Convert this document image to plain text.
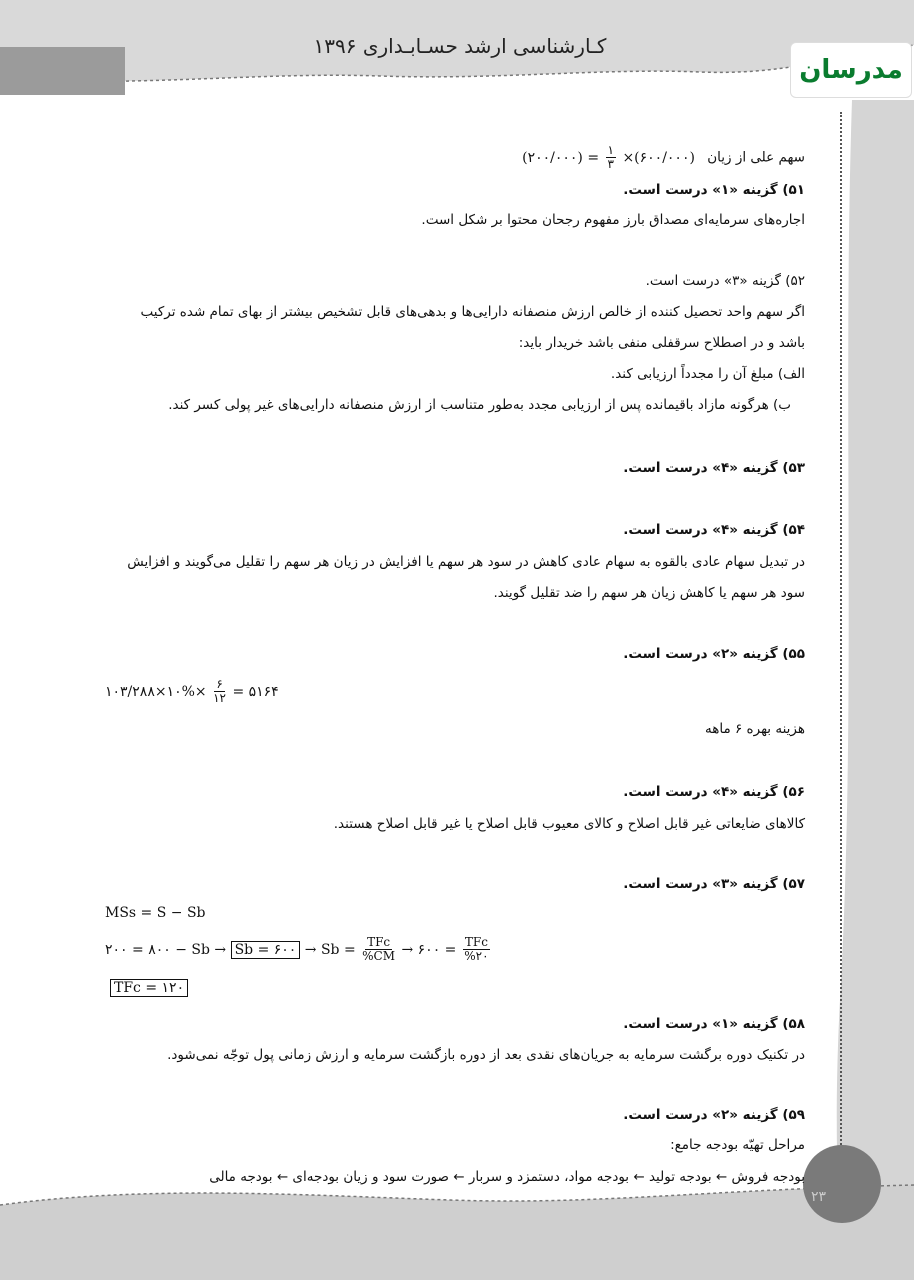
کـارشناسی ارشد حسـابـداری ۱۳۹۶
مدرسان
۲۳
سهم علی از زیان (۶۰۰/۰۰۰)×
$\frac{۱}{۳}$
= (۲۰۰/۰۰۰)
۵۱) گزینه «۱» درست است.
اجاره‌های سرمایه‌ای مصداق بارز مفهوم رجحان محتوا بر شکل است.
۵۲) گزینه «۳» درست است.
اگر سهم واحد تحصیل کننده از خالص ارزش منصفانه دارایی‌ها و بدهی‌های قابل تشخیص بیشتر از بهای تمام شده ترکیب
باشد و در اصطلاح سرقفلی منفی باشد خریدار باید:
الف) مبلغ آن را مجدداً ارزیابی کند.
ب) هرگونه مازاد باقیمانده پس از ارزیابی مجدد به‌طور متناسب از ارزش منصفانه دارایی‌های غیر پولی کسر کند.
۵۳) گزینه «۴» درست است.
۵۴) گزینه «۴» درست است.
در تبدیل سهام عادی بالقوه به سهام عادی کاهش در سود هر سهم یا افزایش در زیان هر سهم را تقلیل می‌گویند و افزایش
سود هر سهم یا کاهش زیان هر سهم را ضد تقلیل گویند.
۵۵) گزینه «۲» درست است.
۱۰۳/۲۸۸×۱۰%× $\frac{۶}{۱۲}$ = ۵۱۶۴
هزینه بهره ۶ ماهه
۵۶) گزینه «۴» درست است.
کالاهای ضایعاتی غیر قابل اصلاح و کالای معیوب قابل اصلاح یا غیر قابل اصلاح هستند.
۵۷) گزینه «۳» درست است.
MSs = S − Sb
۲۰۰ = ۸۰۰ − Sb → Sb = ۶۰۰ → $Sb = \frac{\text{TFc}}{\%CM}$ → ۶۰۰ = $\frac{\text{TFc}}{\%۲۰}$
TFc = ۱۲۰
۵۸) گزینه «۱» درست است.
در تکنیک دوره برگشت سرمایه به جریان‌های نقدی بعد از دوره بازگشت سرمایه و ارزش زمانی پول توجّه نمی‌شود.
۵۹) گزینه «۲» درست است.
مراحل تهیّه بودجه جامع:
بودجه فروش ← بودجه تولید ← بودجه مواد، دستمزد و سربار ← صورت سود و زیان بودجه‌ای ← بودجه مالی
